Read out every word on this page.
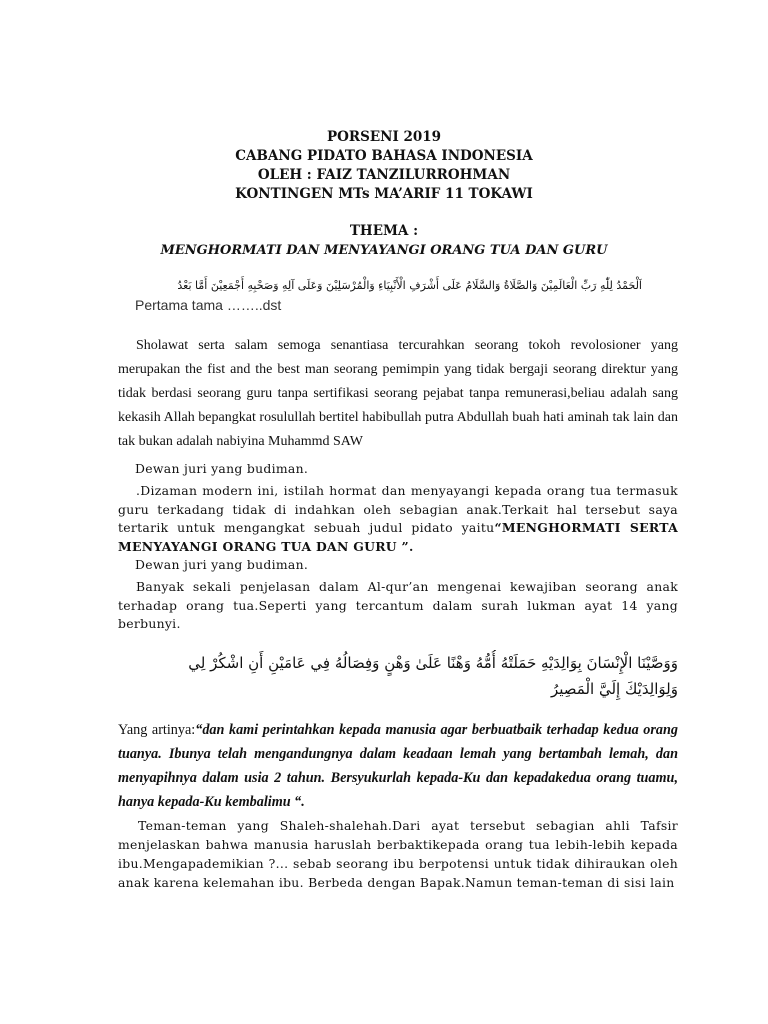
PORSENI 2019
CABANG PIDATO BAHASA INDONESIA
OLEH : FAIZ TANZILURROHMAN
KONTINGEN MTs MA’ARIF 11 TOKAWI
THEMA :
MENGHORMATI DAN MENYAYANGI ORANG TUA DAN GURU
اَلْحَمْدُ لِلّٰهِ رَبِّ الْعَالَمِيْنَ وَالصَّلَاةُ وَالسَّلَامُ عَلَى أَشْرَفِ الْأَنْبِيَاءِ وَالْمُرْسَلِيْنَ وَعَلَى آلِهِ وَصَحْبِهِ أَجْمَعِيْنَ أَمَّا بَعْدُ
Pertama tama ……..dst

Sholawat serta salam semoga senantiasa tercurahkan seorang tokoh revolosioner yang merupakan the fist and the best man seorang pemimpin yang tidak bergaji seorang direktur yang tidak berdasi seorang guru tanpa sertifikasi seorang pejabat tanpa remunerasi,beliau adalah sang kekasih Allah bepangkat rosulullah bertitel habibullah putra Abdullah buah hati aminah tak lain dan tak bukan adalah nabiyina Muhammd SAW

Dewan juri yang budiman.

.Dizaman modern ini, istilah hormat dan menyayangi kepada orang tua termasuk guru terkadang tidak di indahkan oleh sebagian anak.Terkait hal tersebut saya tertarik untuk mengangkat sebuah judul pidato yaitu“MENGHORMATI SERTA MENYAYANGI ORANG TUA DAN GURU ”.

Dewan juri yang budiman.

Banyak sekali penjelasan dalam Al-qur’an mengenai kewajiban seorang anak terhadap orang tua.Seperti yang tercantum dalam surah lukman ayat 14 yang berbunyi.

وَوَصَّيْنَا الْإِنْسَانَ بِوَالِدَيْهِ حَمَلَتْهُ أُمُّهُ وَهْنًا عَلَىٰ وَهْنٍ وَفِصَالُهُ فِي عَامَيْنِ أَنِ اشْكُرْ لِي
وَلِوَالِدَيْكَ إِلَيَّ الْمَصِيرُ

Yang artinya:“dan kami perintahkan kepada manusia agar berbuatbaik terhadap kedua orang tuanya. Ibunya telah mengandungnya dalam keadaan lemah yang bertambah lemah, dan menyapihnya dalam usia 2 tahun. Bersyukurlah kepada-Ku dan kepadakedua orang tuamu, hanya kepada-Ku kembalimu “.

Teman-teman yang Shaleh-shalehah.Dari ayat tersebut sebagian ahli Tafsir menjelaskan bahwa manusia haruslah berbaktikepada orang tua lebih-lebih kepada ibu.Mengapademikian ?... sebab seorang ibu berpotensi untuk tidak dihiraukan oleh anak karena kelemahan ibu. Berbeda dengan Bapak.Namun teman-teman di sisi lain
